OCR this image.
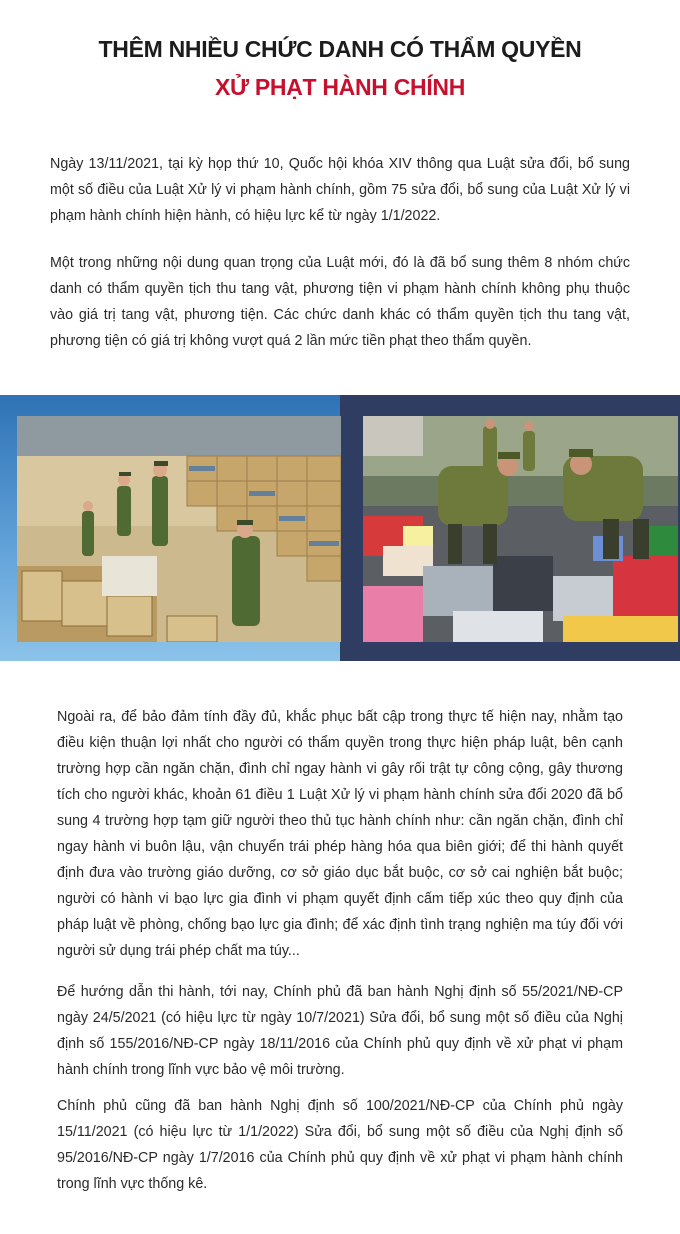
THÊM NHIỀU CHỨC DANH CÓ THẨM QUYỀN
XỬ PHẠT HÀNH CHÍNH

Ngày 13/11/2021, tại kỳ họp thứ 10, Quốc hội khóa XIV thông qua Luật sửa đổi, bổ sung một số điều của Luật Xử lý vi phạm hành chính, gồm 75 sửa đổi, bổ sung của Luật Xử lý vi phạm hành chính hiện hành, có hiệu lực kể từ ngày 1/1/2022.

Một trong những nội dung quan trọng của Luật mới, đó là đã bổ sung thêm 8 nhóm chức danh có thẩm quyền tịch thu tang vật, phương tiện vi phạm hành chính không phụ thuộc vào giá trị tang vật, phương tiện. Các chức danh khác có thẩm quyền tịch thu tang vật, phương tiện có giá trị không vượt quá 2 lần mức tiền phạt theo thẩm quyền.

Ngoài ra, để bảo đảm tính đầy đủ, khắc phục bất cập trong thực tế hiện nay, nhằm tạo điều kiện thuận lợi nhất cho người có thẩm quyền trong thực hiện pháp luật, bên cạnh trường hợp cần ngăn chặn, đình chỉ ngay hành vi gây rối trật tự công cộng, gây thương tích cho người khác, khoản 61 điều 1 Luật Xử lý vi phạm hành chính sửa đổi 2020 đã bổ sung 4 trường hợp tạm giữ người theo thủ tục hành chính như: cần ngăn chặn, đình chỉ ngay hành vi buôn lậu, vận chuyển trái phép hàng hóa qua biên giới; để thi hành quyết định đưa vào trường giáo dưỡng, cơ sở giáo dục bắt buộc, cơ sở cai nghiện bắt buộc; người có hành vi bạo lực gia đình vi phạm quyết định cấm tiếp xúc theo quy định của pháp luật về phòng, chống bạo lực gia đình; để xác định tình trạng nghiện ma túy đối với người sử dụng trái phép chất ma túy...

Để hướng dẫn thi hành, tới nay, Chính phủ đã ban hành Nghị định số 55/2021/NĐ-CP ngày 24/5/2021 (có hiệu lực từ ngày 10/7/2021) Sửa đổi, bổ sung một số điều của Nghị định số 155/2016/NĐ-CP ngày 18/11/2016 của Chính phủ quy định về xử phạt vi phạm hành chính trong lĩnh vực bảo vệ môi trường.

Chính phủ cũng đã ban hành Nghị định số 100/2021/NĐ-CP của Chính phủ ngày 15/11/2021 (có hiệu lực từ 1/1/2022) Sửa đổi, bổ sung một số điều của Nghị định số 95/2016/NĐ-CP ngày 1/7/2016 của Chính phủ quy định về xử phạt vi phạm hành chính trong lĩnh vực thống kê.
